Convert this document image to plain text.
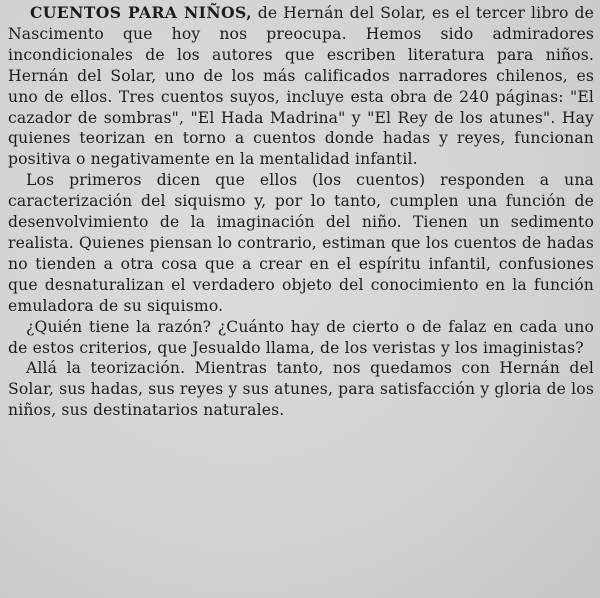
CUENTOS PARA NIÑOS, de Hernán del Solar, es el tercer libro de Nascimento que hoy nos preocupa. Hemos sido admiradores incondicionales de los autores que escriben literatura para niños. Hernán del Solar, uno de los más calificados narradores chilenos, es uno de ellos. Tres cuentos suyos, incluye esta obra de 240 páginas: "El cazador de sombras", "El Hada Madrina" y "El Rey de los atunes". Hay quienes teorizan en torno a cuentos donde hadas y reyes, funcionan positiva o negativamente en la mentalidad infantil.

Los primeros dicen que ellos (los cuentos) responden a una caracterización del siquismo y, por lo tanto, cumplen una función de desenvolvimiento de la imaginación del niño. Tienen un sedimento realista. Quienes piensan lo contrario, estiman que los cuentos de hadas no tienden a otra cosa que a crear en el espíritu infantil, confusiones que desnaturalizan el verdadero objeto del conocimiento en la función emuladora de su siquismo.

¿Quién tiene la razón? ¿Cuánto hay de cierto o de falaz en cada uno de estos criterios, que Jesualdo llama, de los veristas y los imaginistas?

Allá la teorización. Mientras tanto, nos quedamos con Hernán del Solar, sus hadas, sus reyes y sus atunes, para satisfacción y gloria de los niños, sus destinatarios naturales.
